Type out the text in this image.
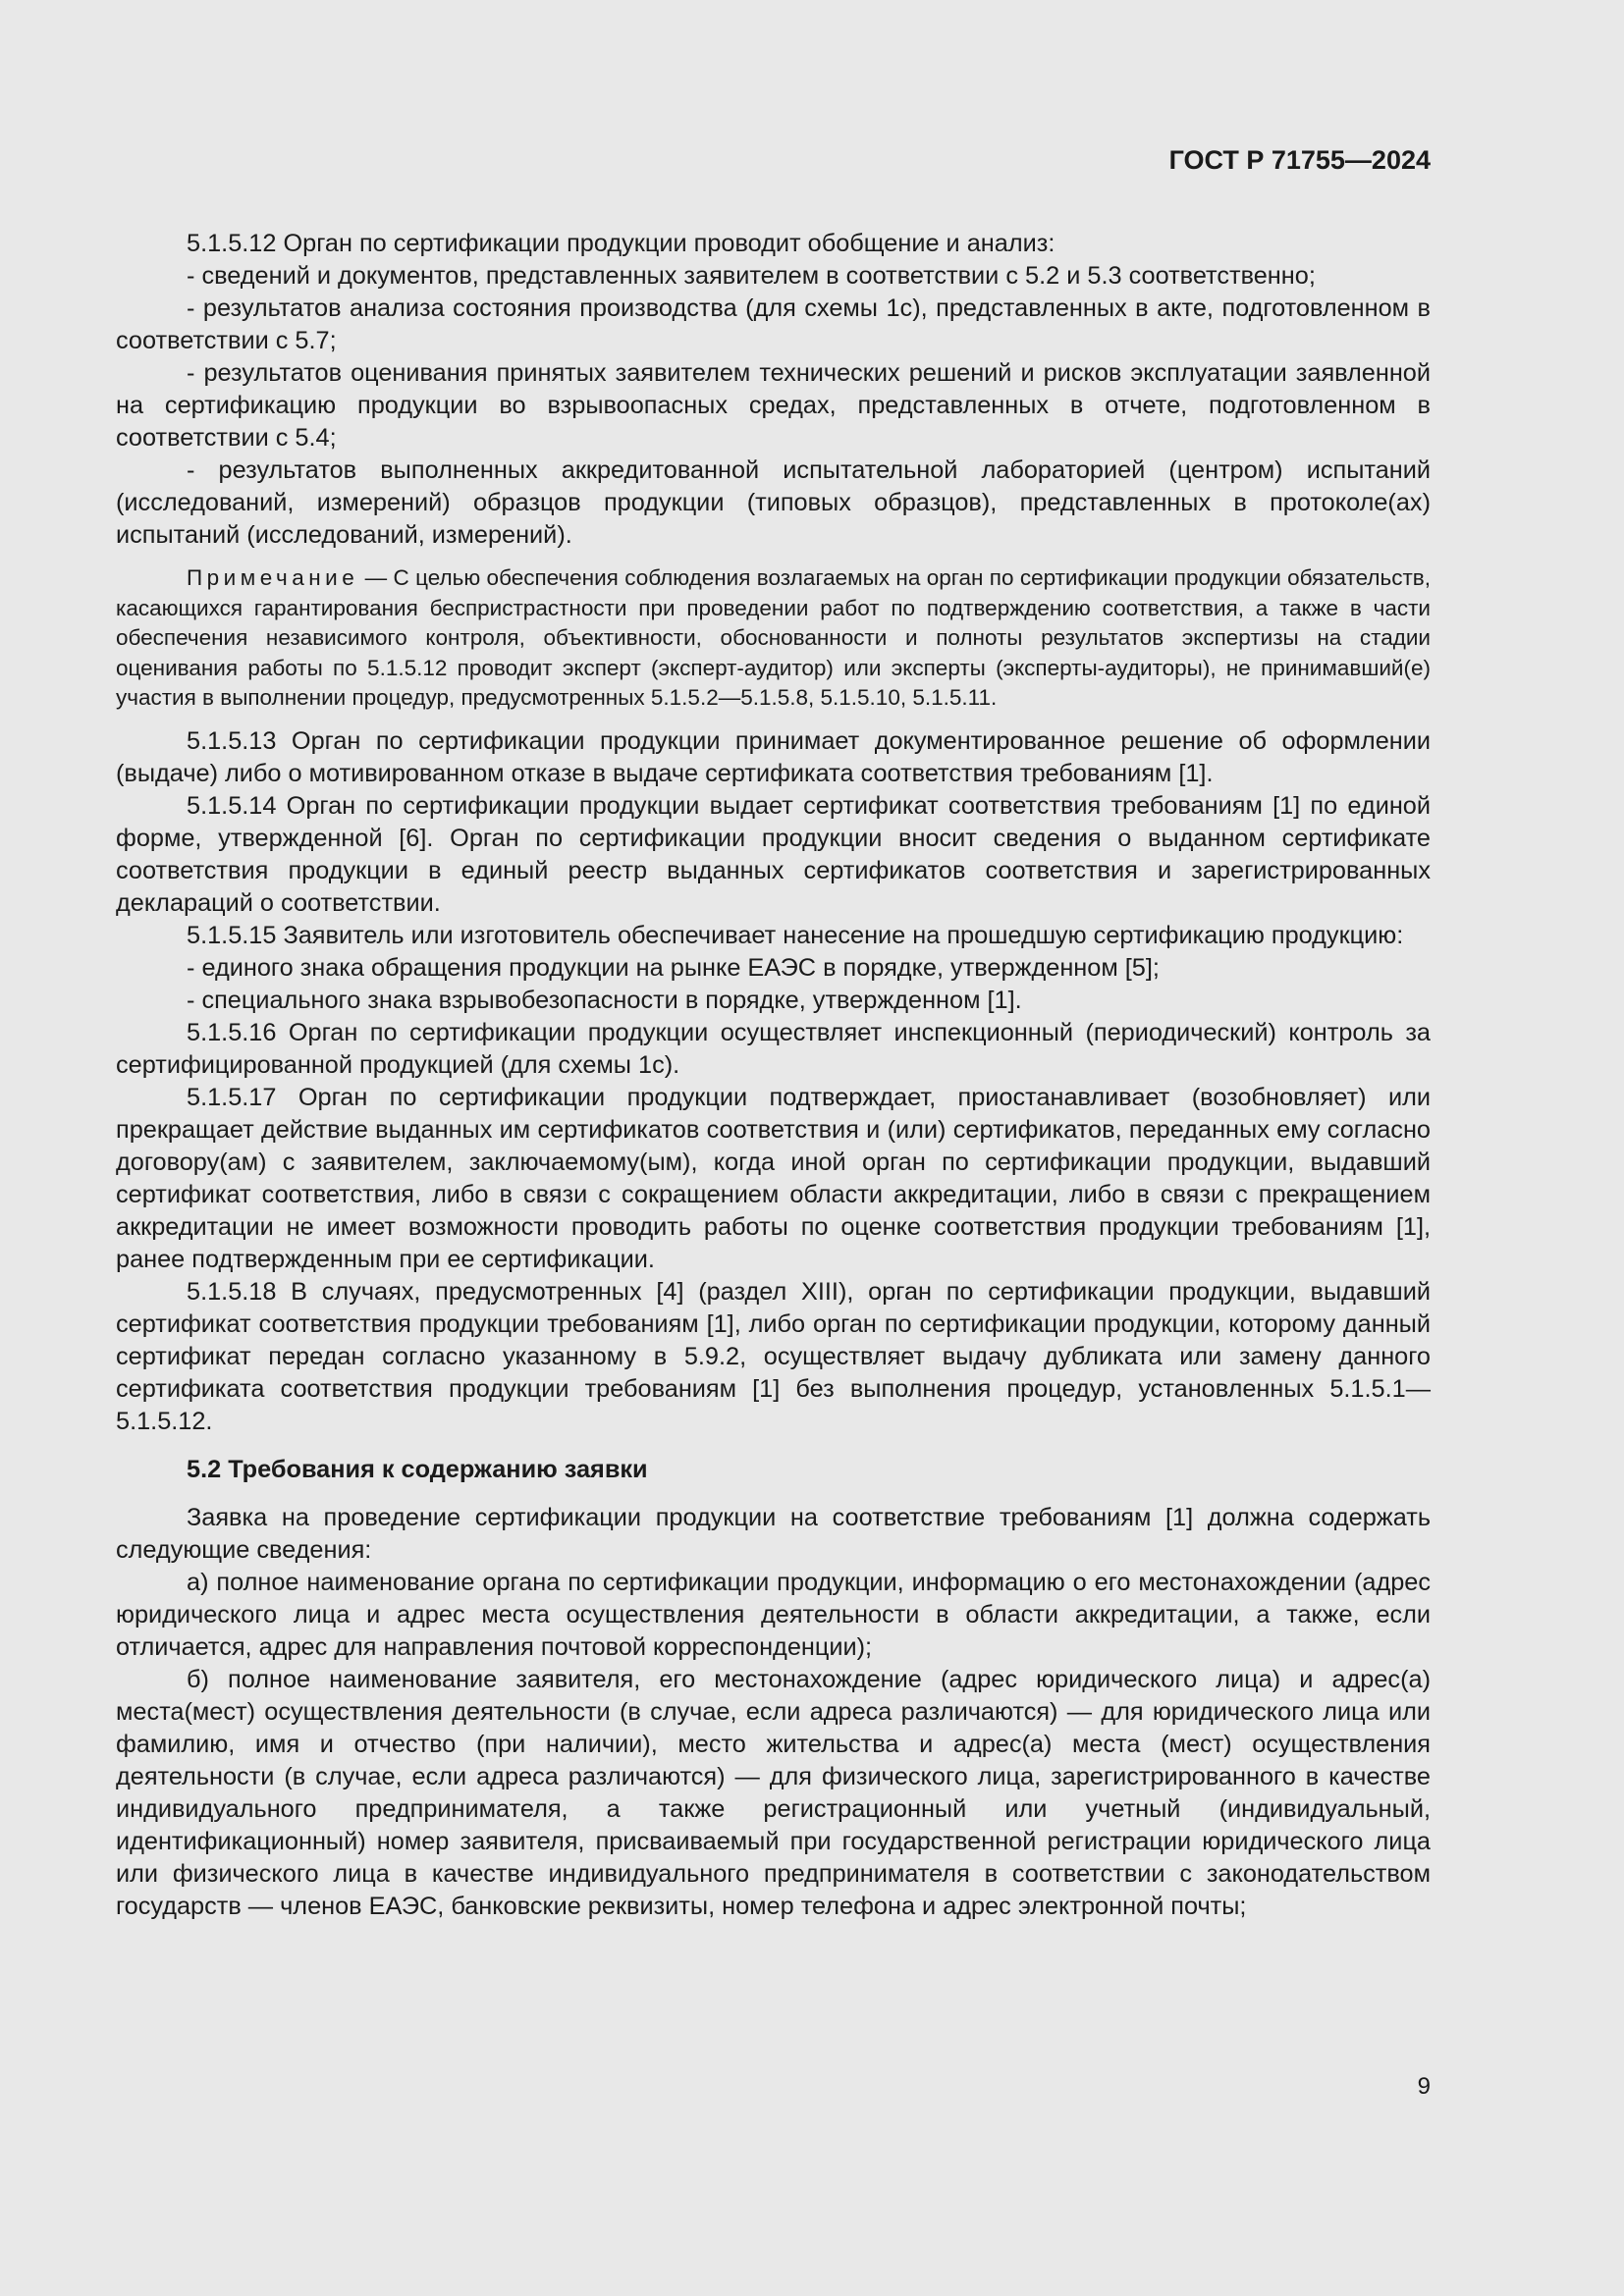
ГОСТ Р 71755—2024

5.1.5.12 Орган по сертификации продукции проводит обобщение и анализ:

- сведений и документов, представленных заявителем в соответствии с 5.2 и 5.3 соответственно;

- результатов анализа состояния производства (для схемы 1с), представленных в акте, подготовленном в соответствии с 5.7;

- результатов оценивания принятых заявителем технических решений и рисков эксплуатации заявленной на сертификацию продукции во взрывоопасных средах, представленных в отчете, подготовленном в соответствии с 5.4;

- результатов выполненных аккредитованной испытательной лабораторией (центром) испытаний (исследований, измерений) образцов продукции (типовых образцов), представленных в протоколе(ах) испытаний (исследований, измерений).

Примечание — С целью обеспечения соблюдения возлагаемых на орган по сертификации продукции обязательств, касающихся гарантирования беспристрастности при проведении работ по подтверждению соответствия, а также в части обеспечения независимого контроля, объективности, обоснованности и полноты результатов экспертизы на стадии оценивания работы по 5.1.5.12 проводит эксперт (эксперт-аудитор) или эксперты (эксперты-аудиторы), не принимавший(е) участия в выполнении процедур, предусмотренных 5.1.5.2—5.1.5.8, 5.1.5.10, 5.1.5.11.

5.1.5.13 Орган по сертификации продукции принимает документированное решение об оформлении (выдаче) либо о мотивированном отказе в выдаче сертификата соответствия требованиям [1].

5.1.5.14 Орган по сертификации продукции выдает сертификат соответствия требованиям [1] по единой форме, утвержденной [6]. Орган по сертификации продукции вносит сведения о выданном сертификате соответствия продукции в единый реестр выданных сертификатов соответствия и зарегистрированных деклараций о соответствии.

5.1.5.15 Заявитель или изготовитель обеспечивает нанесение на прошедшую сертификацию продукцию:

- единого знака обращения продукции на рынке ЕАЭС в порядке, утвержденном [5];

- специального знака взрывобезопасности в порядке, утвержденном [1].

5.1.5.16 Орган по сертификации продукции осуществляет инспекционный (периодический) контроль за сертифицированной продукцией (для схемы 1с).

5.1.5.17 Орган по сертификации продукции подтверждает, приостанавливает (возобновляет) или прекращает действие выданных им сертификатов соответствия и (или) сертификатов, переданных ему согласно договору(ам) с заявителем, заключаемому(ым), когда иной орган по сертификации продукции, выдавший сертификат соответствия, либо в связи с сокращением области аккредитации, либо в связи с прекращением аккредитации не имеет возможности проводить работы по оценке соответствия продукции требованиям [1], ранее подтвержденным при ее сертификации.

5.1.5.18 В случаях, предусмотренных [4] (раздел XIII), орган по сертификации продукции, выдавший сертификат соответствия продукции требованиям [1], либо орган по сертификации продукции, которому данный сертификат передан согласно указанному в 5.9.2, осуществляет выдачу дубликата или замену данного сертификата соответствия продукции требованиям [1] без выполнения процедур, установленных 5.1.5.1—5.1.5.12.

5.2 Требования к содержанию заявки

Заявка на проведение сертификации продукции на соответствие требованиям [1] должна содержать следующие сведения:

а) полное наименование органа по сертификации продукции, информацию о его местонахождении (адрес юридического лица и адрес места осуществления деятельности в области аккредитации, а также, если отличается, адрес для направления почтовой корреспонденции);

б) полное наименование заявителя, его местонахождение (адрес юридического лица) и адрес(а) места(мест) осуществления деятельности (в случае, если адреса различаются) — для юридического лица или фамилию, имя и отчество (при наличии), место жительства и адрес(а) места (мест) осуществления деятельности (в случае, если адреса различаются) — для физического лица, зарегистрированного в качестве индивидуального предпринимателя, а также регистрационный или учетный (индивидуальный, идентификационный) номер заявителя, присваиваемый при государственной регистрации юридического лица или физического лица в качестве индивидуального предпринимателя в соответствии с законодательством государств — членов ЕАЭС, банковские реквизиты, номер телефона и адрес электронной почты;

9
